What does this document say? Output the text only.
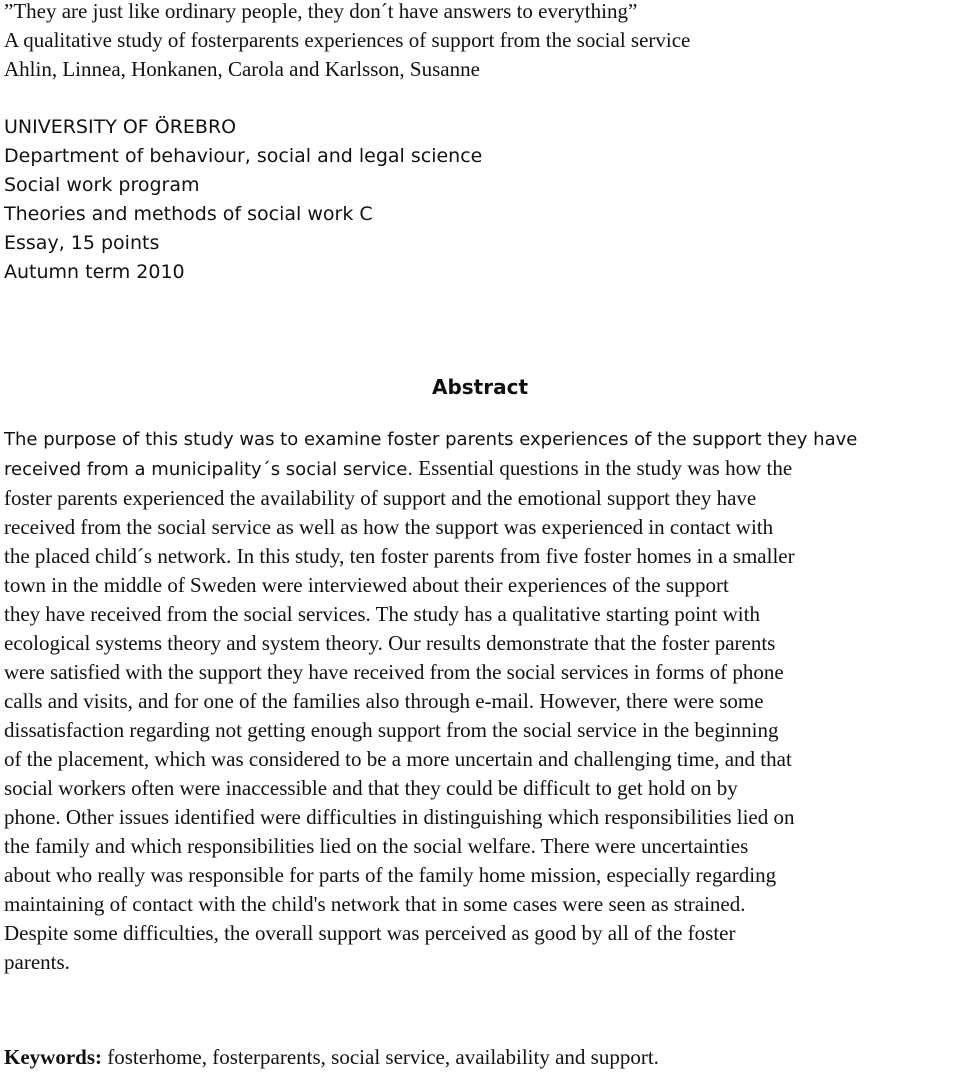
”They are just like ordinary people, they don´t have answers to everything”
A qualitative study of fosterparents experiences of support from the social service
Ahlin, Linnea, Honkanen, Carola and Karlsson, Susanne
UNIVERSITY OF ÖREBRO
Department of behaviour, social and legal science
Social work program
Theories and methods of social work C
Essay, 15 points
Autumn term 2010
Abstract
The purpose of this study was to examine foster parents experiences of the support they have
received from a municipality´s social service. Essential questions in the study was how the
foster parents experienced the availability of support and the emotional support they have
received from the social service as well as how the support was experienced in contact with
the placed child´s network. In this study, ten foster parents from five foster homes in a smaller
town in the middle of Sweden were interviewed about their experiences of the support
they have received from the social services. The study has a qualitative starting point with
ecological systems theory and system theory. Our results demonstrate that the foster parents
were satisfied with the support they have received from the social services in forms of phone
calls and visits, and for one of the families also through e-mail. However, there were some
dissatisfaction regarding not getting enough support from the social service in the beginning
of the placement, which was considered to be a more uncertain and challenging time, and that
social workers often were inaccessible and that they could be difficult to get hold on by
phone. Other issues identified were difficulties in distinguishing which responsibilities lied on
the family and which responsibilities lied on the social welfare. There were uncertainties
about who really was responsible for parts of the family home mission, especially regarding
maintaining of contact with the child's network that in some cases were seen as strained.
Despite some difficulties, the overall support was perceived as good by all of the foster
parents.
Keywords: fosterhome, fosterparents, social service, availability and support.
